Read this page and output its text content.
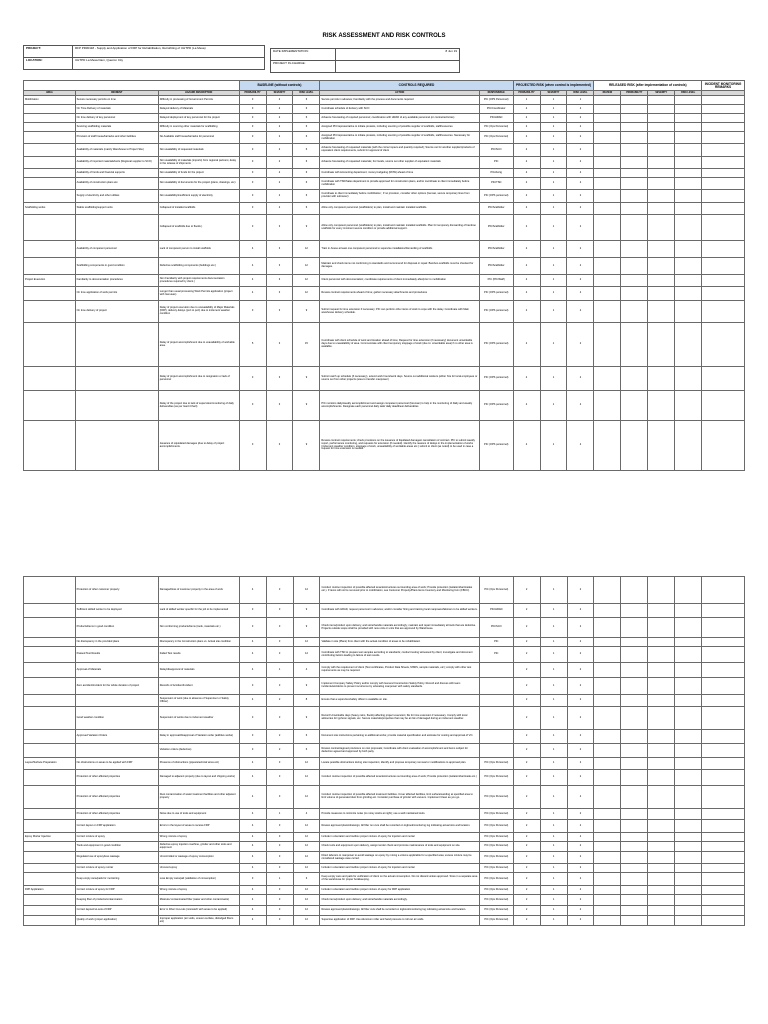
RISK ASSESSMENT AND RISK CONTROLS
PROJECT:	RFP PR#0118 - Supply and Application of FRP for Rehabilitation, Retrofitting of UHTPD (La Mesa)
LOCATION:	UHTPD La Mesa Dam, Quezon City
DATE IMPLEMENTATION:	8 Jun 19
PROJECT IN-CHARGE:	
			BASELINE (without controls)			CONTROLS REQUIRED		PROJECTED RISK (when control is implemented)			RELEASED RISK (after implementation of controls)				INCIDENT MONITORING REMARKS
AREA	INCIDENT	HAZARD DESCRIPTION	PROBABILITY	SEVERITY	RISK LEVEL	ACTION	RESPONSIBLE	PROBABILITY	SEVERITY	RISK LEVEL	REVIEW	PROBABILITY	SEVERITY	RISK LEVEL	
Mobilization	Secure necessary permits on time	Difficulty in processing of Government Permits	3	2	6	Secure permits in advance; Familiarity with the process and documents required	PIC (OPS Personnel)	1	1	1					
	On Time Delivery of materials	Delayed delivery of Materials	3	2	6	Coordinate schedule of delivery with SCO	PIC/Coordinator	2	1	2					
	On time delivery of key personnel	Delayed deployment of key personnel for the project	3	2	6	Advance forecasting of required personnel; coordination with HRAD of any available personnel (or contracted Hires)	PIC/HRAD	2	1	2					
	Sourcing scaffolding materials	Difficulty in sourcing other materials for scaffolding	3	2	6	Assigned PIC/representative to initiate pretests, including sourcing of possible supplier of scaffolds, staff/resources	PIC (Ops Personnel)	2	1	2					
	Provision of staff house/barracks and other facilities	No Available staff house/barracks for personnel	3	2	6	Assigned PIC/representative to initiate pretests, including sourcing of possible supplier of scaffolds, staff/resources. Necessary for mobilization	PIC (Ops Personnel)	2	1	2					
	Availability of materials (mainly Warehouse to Project Site)	Non availability of requested materials	3	2	6	Advance forecasting of requested materials (with the correct specs and quantity required); Source out for another supplier/products of equivalent client requirements, submit for approval of client	PIC/SCO	2	1	2					
	Availability of imported materials/tools (Regional supplier to SCO)	Non availability of materials (imports) from regional partners; delay in the release of shipments	3	2	6	Advance forecasting of requested materials; For locals, source out other supplier of equivalent materials	PIC	2	1	2					
	Availability of funds and financial supports	Non availability of funds for the project	3	2	6	Coordinate with Accounting department; money budgeting (ROW) ahead of time	PIC/Acctg	2	1	2					
	Availability of construction plans etc.	Non availability of documents for the project (plans, drawings, etc)	3	2	6	Coordinate with TSD/Sales department to provide approved for construction plans, and/or coordinate to client immediately before mobilization	PIC/TSD	2	1	2					
	Supply of electricity and other utilities	Non availability/insufficient supply of electricity	3	2	6	Coordinate to client immediately before mobilization ; If no provision, consider other options (Genset, secure temporary lines from provider with submeter)	PIC (OPS personnel)	2	1	2					
Scaffolding works	Stable scaffolding/support units	Collapsed of installed scaffolds	3	2	6	Allow only competent personnel (scaffolders) to plan, install and maintain installed scaffolds.	PIC/Scaffolder	2	1	2					
		Collapsed of scaffolds due to floods.)	3	3	9	Allow only competent personnel (scaffolders) to plan, install and maintain installed scaffolds. Plan for temporary dismantling of bamboo scaffolds for every imminent severe condition or provide additional support.	PIC/Scaffolder	2	1	2					
	Availability of competent personnel	Lack of competent person to install scaffolds	4	3	12	Train in-house at least one competent personnel to supervise installation/dismantling of scaffolds	PIC/Scaffolder	2	1	2					
	Scaffolding components in good condition	Defective scaffolding components (buildings etc.)	4	3	12	Maintain and check items not conforming to standards and recommend for disposal or repair. Bamboo scaffolds must be checked for damages.	PIC/Scaffolder	2	1	2					
Project Execution	Familiarity to documentation procedures	Non Familiarity with project requirements documentation procedures required by client.)	4	3	12	Client personnel with documentation; coordinate requirements of client immediately after/prior to mobilization	PIC (PIC/Staff)	2	1	2					
	On time application of work permits	Longer than usual processing Work Permits application (project with Genuses)	4	3	12	Review contract requirements ahead of time; gather necessary attachments and procedures	PIC (OPS personnel)	2	1	2					
	On time delivery of project	Delay of project execution due to unavailability of Major Materials (FRP), delivery delays (port to port) due to inclement weather condition	3	3	9	Submit request for time extension if necessary; PIC can perform other items of work to cope with the delay. Coordinate with Main warehouse delivery schedule.	PIC (OPS personnel)	2	1	2					
		Delay of project accomplishment due to unavailability of workable area.	5	3	15	Coordinate with client schedule of work and location ahead of time; Request for time extension (if necessary) document unworkable days due to unavailability of area. Communicate with client temporary stoppage of work (due to: unworkable area) if no other area is available.	PIC (OPS personnel)	2	1	2					
		Delay of project accomplishment due to resignation or lack of personnel	3	3	9	Submit catch up schedule (if necessary), extend work hours/work days. Source out additional workers (either hire for local employees or source out from other projects (area to transfer manpower)	PIC (OPS personnel)	2	1	2					
		Delay of the project due to lack of supervision/monitoring of daily deliverables (as per Gantt Chart)	3	3	9	PIC monitors daily/weekly accomplishment and assign competent personnel (foreman) to help in the monitoring of Daily and weekly accomplishments. Designate each personnel daily task/ daily deadlines/ deliverables	PIC (OPS personnel)	2	1	2					
		Issuance of Liquidated damages (due to delay of project accomplishments.	3	3	9	Review contract requirements; check provisions on the issuance of liquidated damages/ cancellation of contract. PIC to submit weekly report, performance monitoring, and requests for extension (if needed). Identify the reasons of delays in the implementation of works (inclement weather condition, stoppage of work, unavailability of workable areas etc.) submit to client (as noted) to be used in case a request for time extension is needed.	PIC (OPS personnel)	2	1	2					
	Protection of other customer property	Damaged/loss of customer property in the area of work	4	3	12	Conduct routine inspection of possible affected tenants/structures surrounding area of work; Provide protection (isolation/barricades etc.). If items will not be removed prior to mobilization, see Customer Property/Plant-Items Inventory and Monitoring form (FBCC)	PIC (Ops Personnel)	2	1	2					
	Sufficient skilled worker to be deployed	Lack of skilled worker specific for the job to be implemented	3	3	9	Coordinate with HRAD, request personnel in advance; and/or consider hiring and training local manpower/laborers to be skilled workers.	PIC/HRAD	2	1	2					
	Products/items in good condition	Non conforming products/items (tools, materials etc.)	3	3	9	Check items/product upon delivery, and store/handle materials accordingly; maintain and repair immediately all tools that are defective. Projects outside scope shall be provided with new units or units that are approved by Warehouse.	PIC/SCO	2	1	2					
	No discrepancy in the provided plans	Discrepancy in the Construction plans vs. Actual site condition	4	3	12	Validate in site (Plans) from client with the actual condition of areas to be rehabilitated.	PIC	2	1	2					
	Passed Test Results	Failed Test results	4	3	12	Coordinate with TSD to prepare test samples according to standards; conduct testing witnessed by client; investigate and document contributing factors leading to failure of test results.	PIC	2	1	2					
	Approval of Materials	Delay/disapproval of materials	4	1	4	Comply with the requirement of client (Test certificates, Product Data Sheets, MSDS, sample materials, etc); comply with other test requirements as may be required.		2	1	2					
	Zero accident/incident for the whole duration of project	Records of Accident/Incident	3	3	9	Implement Company Safety Policy and/or comply with General Construction Safety Policy. Record and discuss with team incidents/accidents to prevent recurrence by educating manpower with safety standards.		2	1	2					
		Suspension of work (due to absence of Supervisor or Safety Officer)	4	2	8	Ensure that a supervisor/safety officer is available on site.		2	1	2					
	Good weather condition	Suspension of works due to inclement weather	3	3	9	Record Unworkable days (heavy rains, floods) affecting project execution; file for time extension if necessary. Comply with local advisories for typhoon signals, etc. Secure materials/properties that may be at risk of damaged during an inclement weather.		2	1	2					
	Approved Variation Orders	Delay in approval/disapproval of Variation order (additive works)	3	2	6	Document site instructions pertaining to additional works; provide material specification and estimate for costing and approval of VO.		2	1	2					
		Variation orders (deductive)	3	2	6	Review contract/agreed provisions on cost proposals; Coordinate with client evaluation of accomplishment and items subject for deduction agreed and approved by both party.		2	1	2					
Layout/Surface Preparation	No obstructions on areas to be applied with FRP	Presence of obstructions (pipes/electrical wires etc)	4	3	12	Locate possible obstructions during site inspection; Identify and propose temporary removal or modifications to approved plan.	PIC (Ops Personnel)	2	1	2					
	Protection of other affected properties	Damaged to adjacent property (due to layout and chipping works)	4	3	12	Conduct routine inspection of possible affected tenants/structures surrounding area of work; Provide protection (isolation/barricade etc.)	PIC (Ops Personnel)	2	1	2					
	Protection of other affected properties	Dust contamination of water treatment facilities and other adjacent property	4	3	12	Conduct routine inspection of possible affected treatment facilities. Cover affected facilities, limit surface/sanding at specified area to limit volume of generated dust from grinding etc. Consider purchase of grinder with vacuum. Implement Clean as you go.	PIC (Ops Personnel)	2	1	2					
	Protection of other affected properties	Noise due to use of tools and equipment	4	1	4	Provide measures to minimize noise (no noisy works at night); use a well maintained tools.	PIC (Ops Personnel)	2	1	2					
	Correct layout on FRP application	Errors in the layout of areas to receive FRP	4	3	12	Review approved plans/drawings; All filler run cuts shall be recorded on logbook/monitoring log indicating actual size and location.	PIC (Ops Personnel)	2	1	2					
Epoxy Mortar Injection	Correct mixture of epoxy	Wrong mixture of epoxy	4	3	12	Include in orientation and toolbox proper mixture of epoxy for injection and mortar	PIC (Ops Personnel)	2	1	2					
	Tools and equipment in good condition	Defective epoxy injection machine, grinder and other tools and equipment	4	3	12	Check tools and equipment upon delivery, assign tender check and promote maintenance of tools and equipment on site.	PIC (Ops Personnel)	2	1	2					
	Regulated use of epoxy/less wastage	Uncontrolled or wastage of epoxy consumption	4	3	12	Direct laborers to manpower to avoid wastage on epoxy by mixing a volume applicable for a specified area; excess mixture may be considered wastage case curred.	PIC (Ops Personnel)	2	1	2					
	Correct mixture of epoxy mortar	Uncured epoxy	4	3	12	Include in orientation and toolbox proper mixture of epoxy for injection and mortar	PIC (Ops Personnel)	2	1	2					
	Keep empty cans/pails for monitoring	Loss Empty cans/pail (validation of consumption)	3	1	3	Keep empty cans and pails for verification of client on the actual consumption. Do not discard unless approved. Store in a separate area of the warehouse for proper bookkeeping.	PIC (Ops Personnel)	2	1	2					
FRP Application	Correct mixture of epoxy for FRP	Wrong mixture of epoxy	4	3	12	Include in orientation and toolbox proper mixture of epoxy for FRP application	PIC (Ops Personnel)	2	1	2					
	Keeping fiber of products/contamination	Moisture/ contaminated fiber (water and other contaminants)	4	3	12	Check items/product upon delivery, and store/handle materials accordingly.	PIC (Ops Personnel)	2	1	2					
	Correct layout/cut-outs of FRP	Error in Fiber Cut-outs (mismatch with areas to be applied)	4	3	12	Review approved plans/drawings; All fiber cuts shall be recorded on logbook/monitoring log indicating actual size and location.	PIC (Ops Personnel)	2	1	2					
	Quality of work (proper application)	Improper application (air voids, uneven surface, dislodged fibers etc)	4	3	12	Supervise application of FRP. Use Aluminum roller and hand pressure to roll out air voids.	PIC (Ops Personnel)	2	1	2					
